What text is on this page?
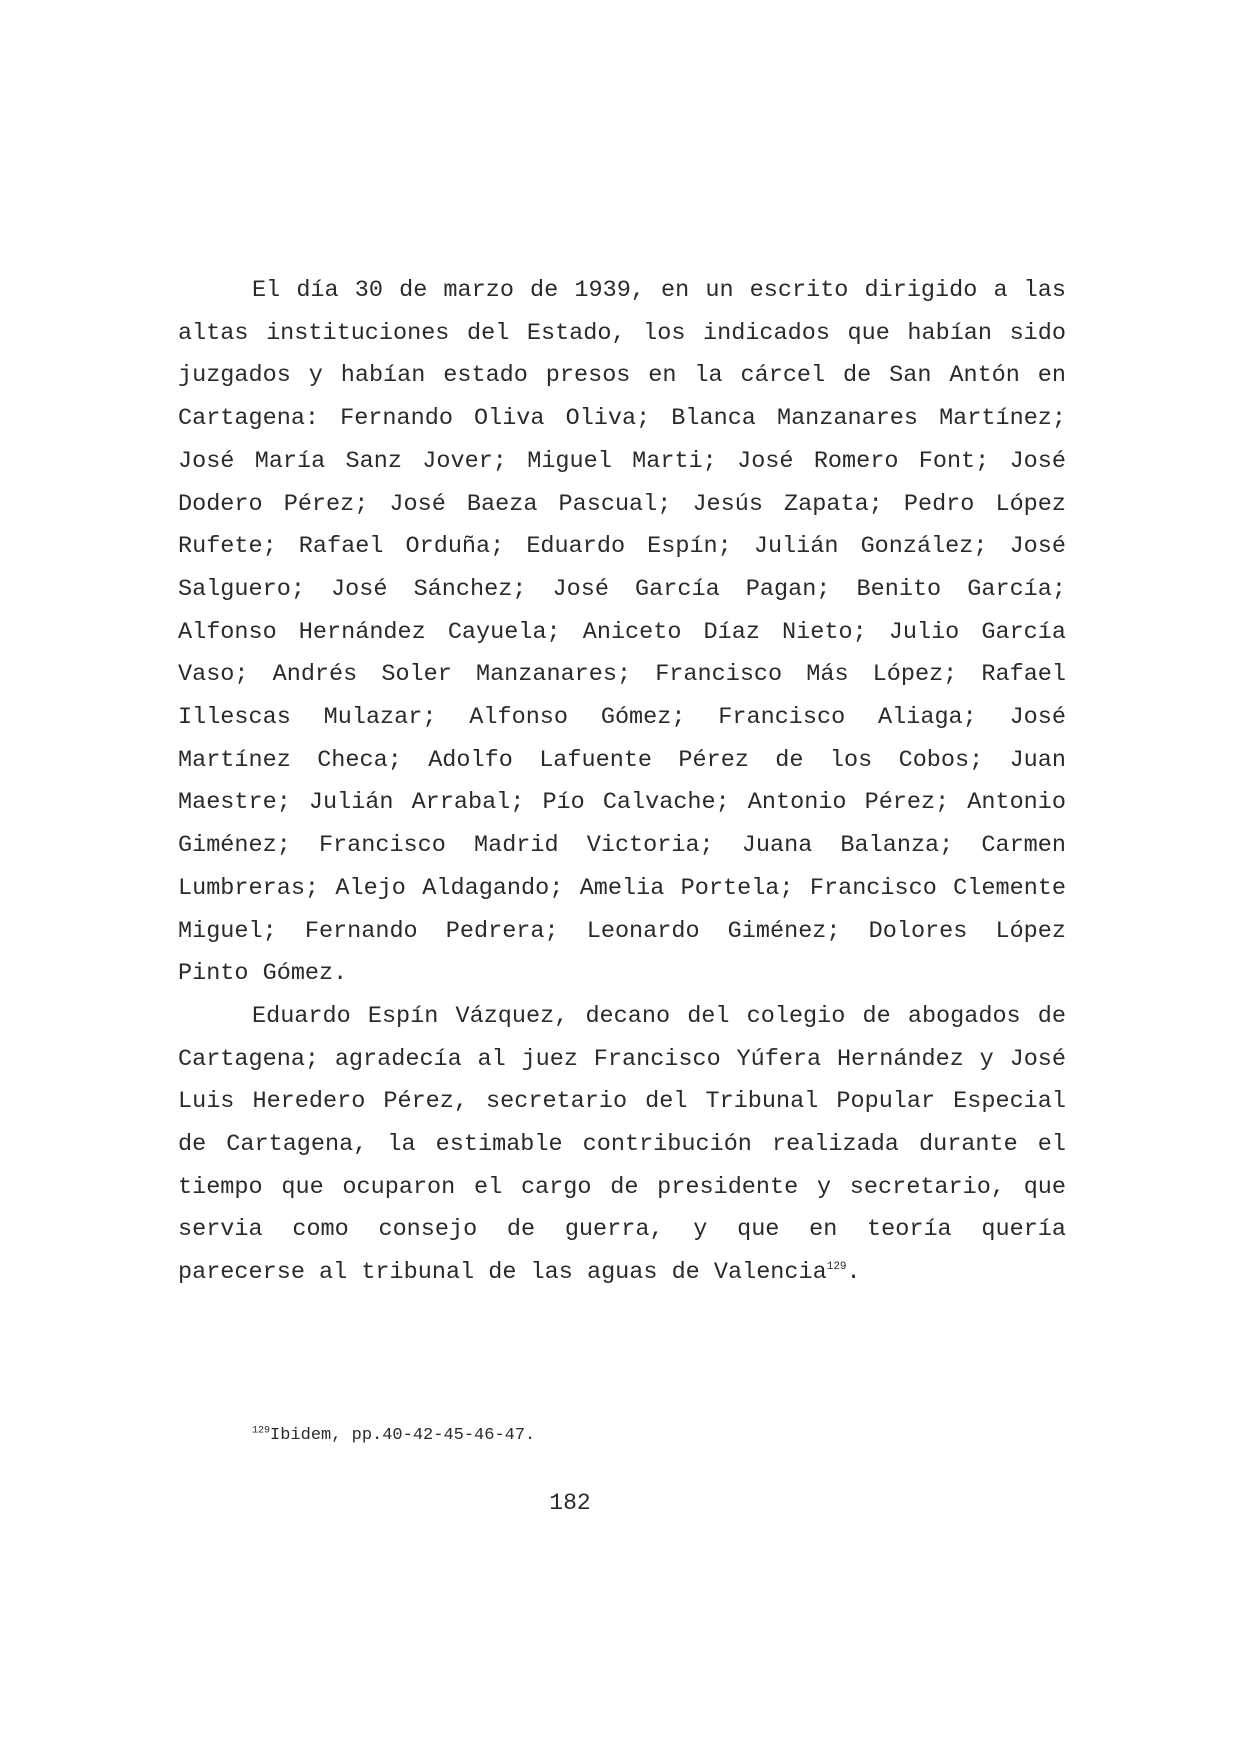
El día 30 de marzo de 1939, en un escrito dirigido a las altas instituciones del Estado, los indicados que habían sido juzgados y habían estado presos en la cárcel de San Antón en Cartagena: Fernando Oliva Oliva; Blanca Manzanares Martínez; José María Sanz Jover; Miguel Marti; José Romero Font; José Dodero Pérez; José Baeza Pascual; Jesús Zapata; Pedro López Rufete; Rafael Orduña; Eduardo Espín; Julián González; José Salguero; José Sánchez; José García Pagan; Benito García; Alfonso Hernández Cayuela; Aniceto Díaz Nieto; Julio García Vaso; Andrés Soler Manzanares; Francisco Más López; Rafael Illescas Mulazar; Alfonso Gómez; Francisco Aliaga; José Martínez Checa; Adolfo Lafuente Pérez de los Cobos; Juan Maestre; Julián Arrabal; Pío Calvache; Antonio Pérez; Antonio Giménez; Francisco Madrid Victoria; Juana Balanza; Carmen Lumbreras; Alejo Aldagando; Amelia Portela; Francisco Clemente Miguel; Fernando Pedrera; Leonardo Giménez; Dolores López Pinto Gómez.

Eduardo Espín Vázquez, decano del colegio de abogados de Cartagena; agradecía al juez Francisco Yúfera Hernández y José Luis Heredero Pérez, secretario del Tribunal Popular Especial de Cartagena, la estimable contribución realizada durante el tiempo que ocuparon el cargo de presidente y secretario, que servia como consejo de guerra, y que en teoría quería parecerse al tribunal de las aguas de Valencia$^{129}$.

$^{129}$Ibidem, pp.40-42-45-46-47.
182
